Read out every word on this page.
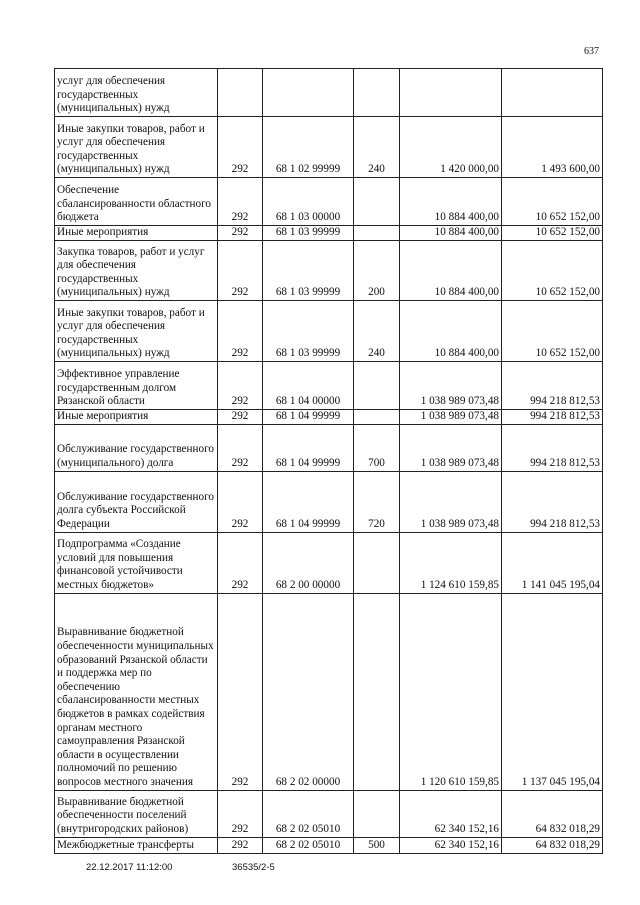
637
услуг для обеспечения государственных (муниципальных) нужд					
Иные закупки товаров, работ и услуг для обеспечения государственных (муниципальных) нужд	292	68 1 02 99999	240	1 420 000,00	1 493 600,00
Обеспечение сбалансированности областного бюджета	292	68 1 03 00000		10 884 400,00	10 652 152,00
Иные мероприятия	292	68 1 03 99999		10 884 400,00	10 652 152,00
Закупка товаров, работ и услуг для обеспечения государственных (муниципальных) нужд	292	68 1 03 99999	200	10 884 400,00	10 652 152,00
Иные закупки товаров, работ и услуг для обеспечения государственных (муниципальных) нужд	292	68 1 03 99999	240	10 884 400,00	10 652 152,00
Эффективное управление государственным долгом Рязанской области	292	68 1 04 00000		1 038 989 073,48	994 218 812,53
Иные мероприятия	292	68 1 04 99999		1 038 989 073,48	994 218 812,53
Обслуживание государственного (муниципального) долга	292	68 1 04 99999	700	1 038 989 073,48	994 218 812,53
Обслуживание государственного долга субъекта Российской Федерации	292	68 1 04 99999	720	1 038 989 073,48	994 218 812,53
Подпрограмма «Создание условий для повышения финансовой устойчивости местных бюджетов»	292	68 2 00 00000		1 124 610 159,85	1 141 045 195,04
Выравнивание бюджетной обеспеченности муниципальных образований Рязанской области и поддержка мер по обеспечению сбалансированности местных бюджетов в рамках содействия органам местного самоуправления Рязанской области в осуществлении полномочий по решению вопросов местного значения	292	68 2 02 00000		1 120 610 159,85	1 137 045 195,04
Выравнивание бюджетной обеспеченности поселений (внутригородских районов)	292	68 2 02 05010		62 340 152,16	64 832 018,29
Межбюджетные трансферты	292	68 2 02 05010	500	62 340 152,16	64 832 018,29
22.12.2017 11:12:00	36535/2-5
